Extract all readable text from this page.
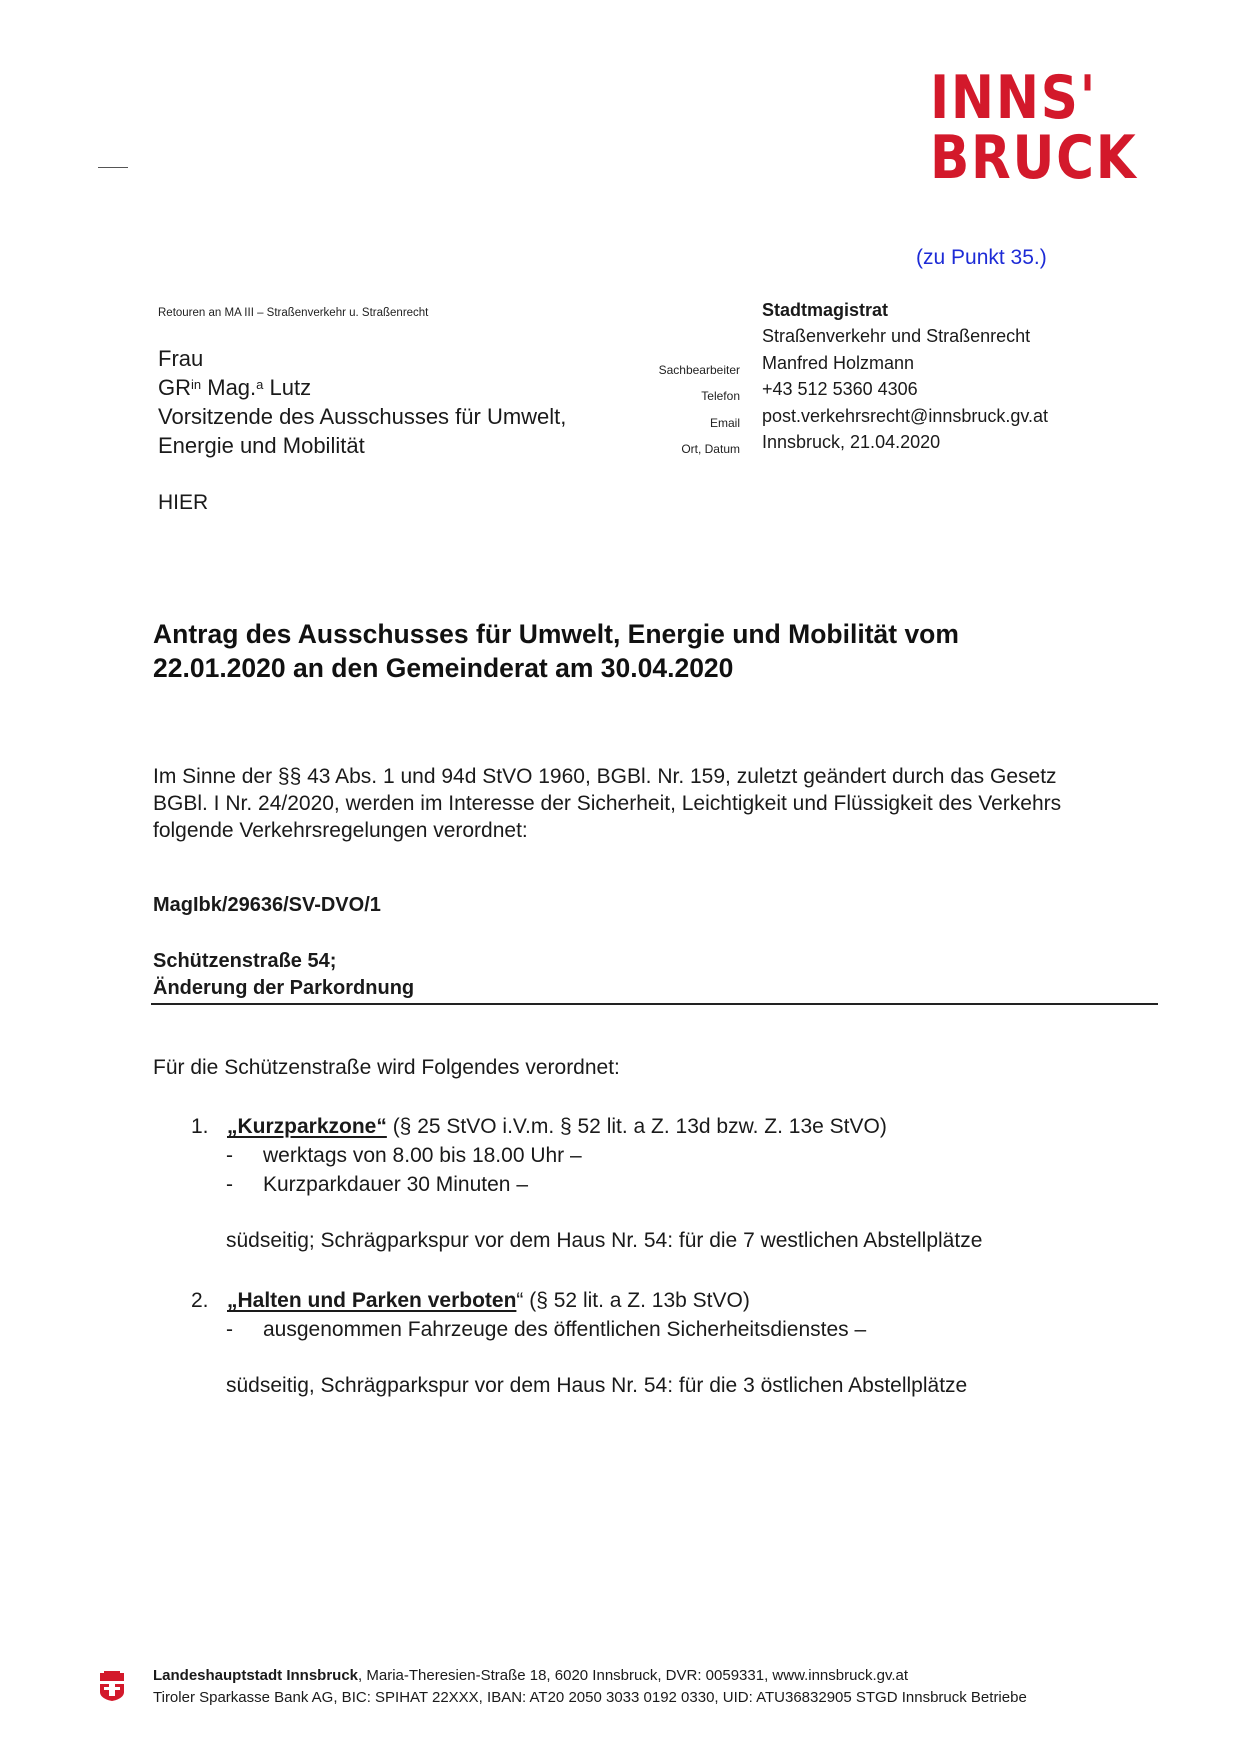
INNS'
BRUCK
(zu Punkt 35.)
Retouren an MA III – Straßenverkehr u. Straßenrecht
Frau
$GR^{in}$ Mag.$^a$ Lutz
Vorsitzende des Ausschusses für Umwelt,
Energie und Mobilität
HIER
Sachbearbeiter
Telefon
Email
Ort, Datum
Stadtmagistrat
Straßenverkehr und Straßenrecht
Manfred Holzmann
+43 512 5360 4306
post.verkehrsrecht@innsbruck.gv.at
Innsbruck, 21.04.2020
Antrag des Ausschusses für Umwelt, Energie und Mobilität vom
22.01.2020 an den Gemeinderat am 30.04.2020
Im Sinne der §§ 43 Abs. 1 und 94d StVO 1960, BGBl. Nr. 159, zuletzt geändert durch das Gesetz
BGBl. I Nr. 24/2020, werden im Interesse der Sicherheit, Leichtigkeit und Flüssigkeit des Verkehrs
folgende Verkehrsregelungen verordnet:
MagIbk/29636/SV-DVO/1
Schützenstraße 54;
Änderung der Parkordnung
Für die Schützenstraße wird Folgendes verordnet:
1. „Kurzparkzone“ (§ 25 StVO i.V.m. § 52 lit. a Z. 13d bzw. Z. 13e StVO)
- werktags von 8.00 bis 18.00 Uhr –
- Kurzparkdauer 30 Minuten –
südseitig; Schrägparkspur vor dem Haus Nr. 54: für die 7 westlichen Abstellplätze
2. „Halten und Parken verboten“ (§ 52 lit. a Z. 13b StVO)
- ausgenommen Fahrzeuge des öffentlichen Sicherheitsdienstes –
südseitig, Schrägparkspur vor dem Haus Nr. 54: für die 3 östlichen Abstellplätze
Landeshauptstadt Innsbruck, Maria-Theresien-Straße 18, 6020 Innsbruck, DVR: 0059331, www.innsbruck.gv.at
Tiroler Sparkasse Bank AG, BIC: SPIHAT 22XXX, IBAN: AT20 2050 3033 0192 0330, UID: ATU36832905 STGD Innsbruck Betriebe
